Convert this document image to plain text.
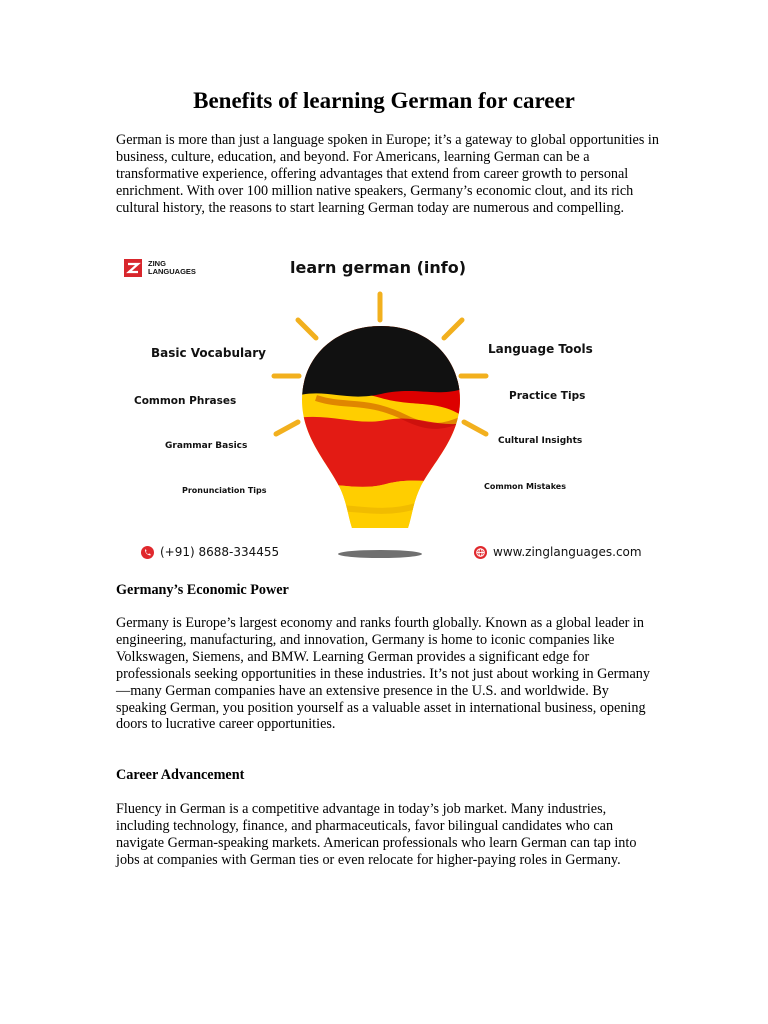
Benefits of learning German for career

German is more than just a language spoken in Europe; it’s a gateway to global opportunities in business, culture, education, and beyond. For Americans, learning German can be a transformative experience, offering advantages that extend from career growth to personal enrichment. With over 100 million native speakers, Germany’s economic clout, and its rich cultural history, the reasons to start learning German today are numerous and compelling.

ZING
LANGUAGES	learn german (info)
Basic Vocabulary
Common Phrases
Grammar Basics
Pronunciation Tips
Language Tools
Practice Tips
Cultural Insights
Common Mistakes
(+91) 8688-334455	www.zinglanguages.com

Germany’s Economic Power

Germany is Europe’s largest economy and ranks fourth globally. Known as a global leader in engineering, manufacturing, and innovation, Germany is home to iconic companies like Volkswagen, Siemens, and BMW. Learning German provides a significant edge for professionals seeking opportunities in these industries. It’s not just about working in Germany—many German companies have an extensive presence in the U.S. and worldwide. By speaking German, you position yourself as a valuable asset in international business, opening doors to lucrative career opportunities.

Career Advancement

Fluency in German is a competitive advantage in today’s job market. Many industries, including technology, finance, and pharmaceuticals, favor bilingual candidates who can navigate German-speaking markets. American professionals who learn German can tap into jobs at companies with German ties or even relocate for higher-paying roles in Germany.
